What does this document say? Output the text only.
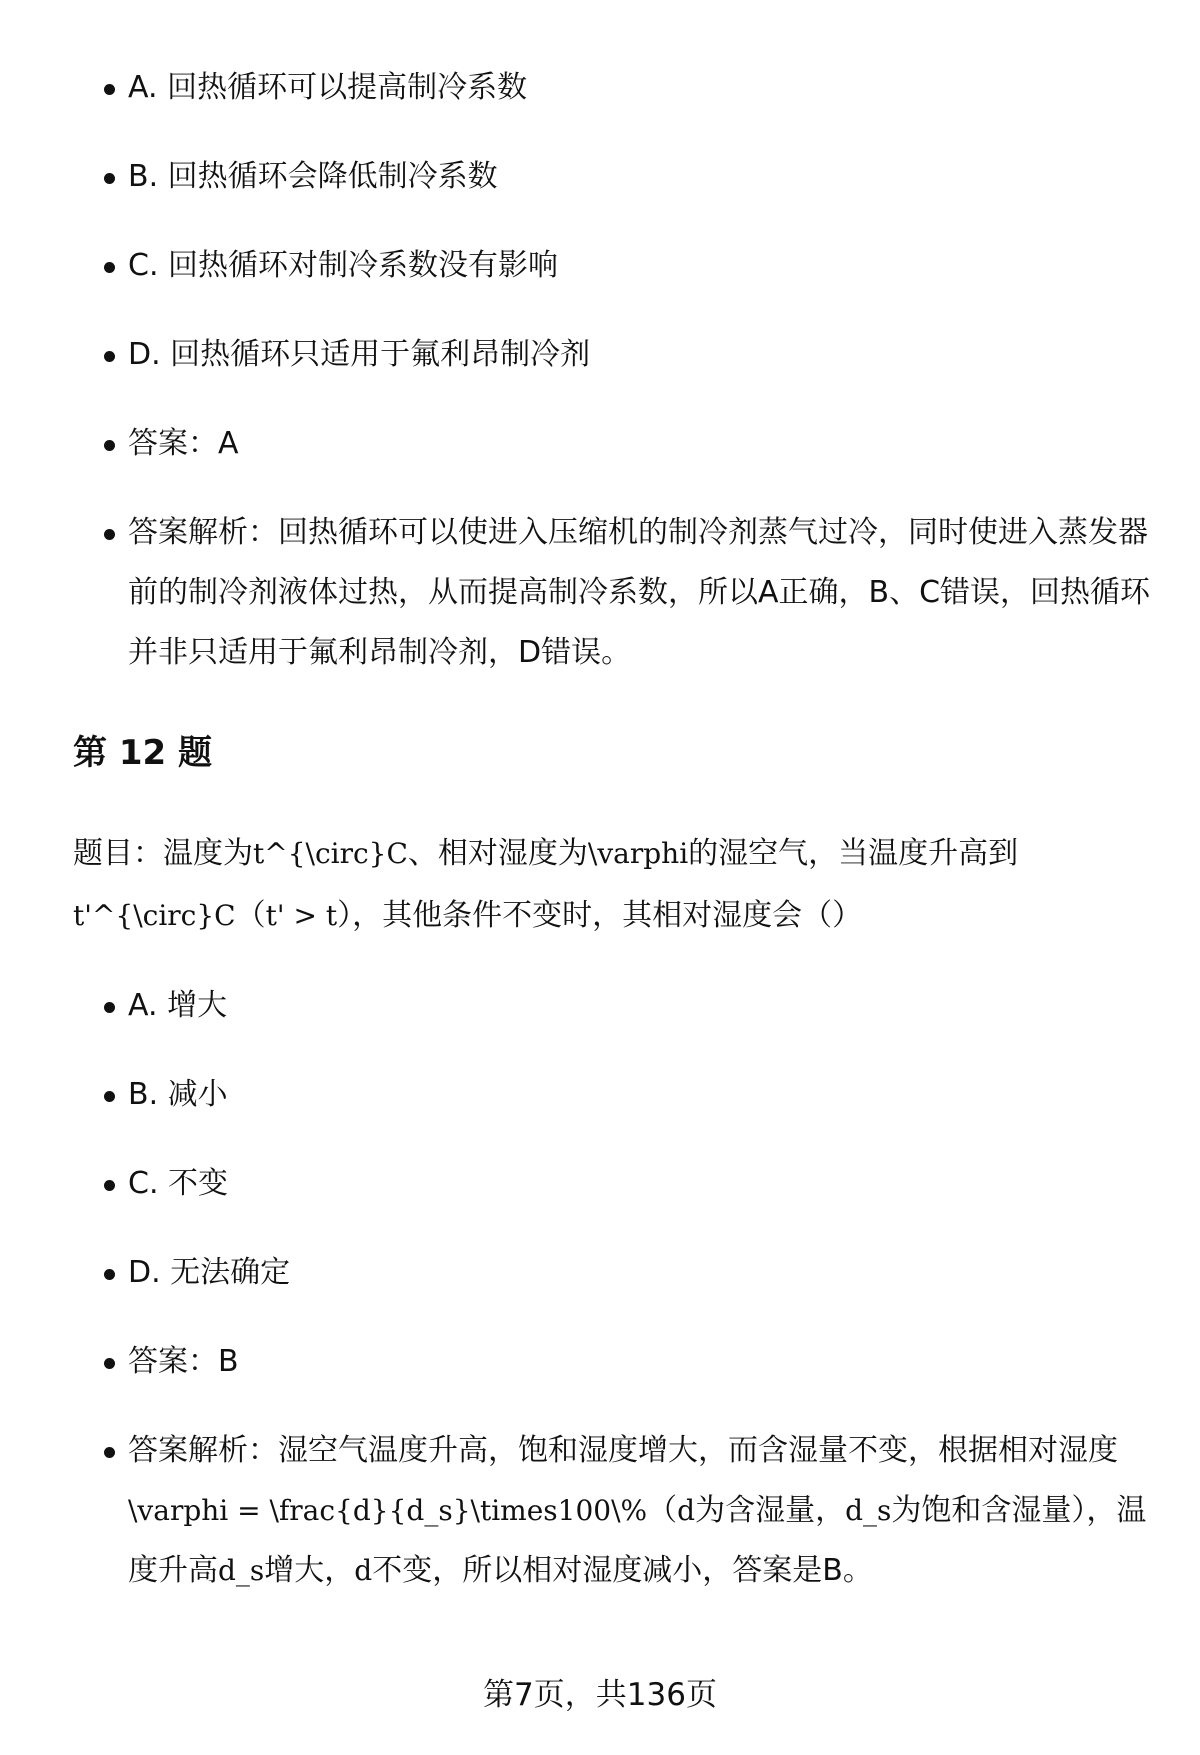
A. 回热循环可以提高制冷系数
B. 回热循环会降低制冷系数
C. 回热循环对制冷系数没有影响
D. 回热循环只适用于氟利昂制冷剂
答案：A
答案解析：回热循环可以使进入压缩机的制冷剂蒸气过冷，同时使进入蒸发器前的制冷剂液体过热，从而提高制冷系数，所以A正确，B、C错误，回热循环并非只适用于氟利昂制冷剂，D错误。
第 12 题

题目：温度为t^{\circ}C、相对湿度为\varphi的湿空气，当温度升高到t'^{\circ}C（t' > t），其他条件不变时，其相对湿度会（）

A. 增大
B. 减小
C. 不变
D. 无法确定
答案：B
答案解析：湿空气温度升高，饱和湿度增大，而含湿量不变，根据相对湿度\varphi = \frac{d}{d_s}\times100\%（d为含湿量，d_s为饱和含湿量），温度升高d_s增大，d不变，所以相对湿度减小，答案是B。
第7页，共136页
